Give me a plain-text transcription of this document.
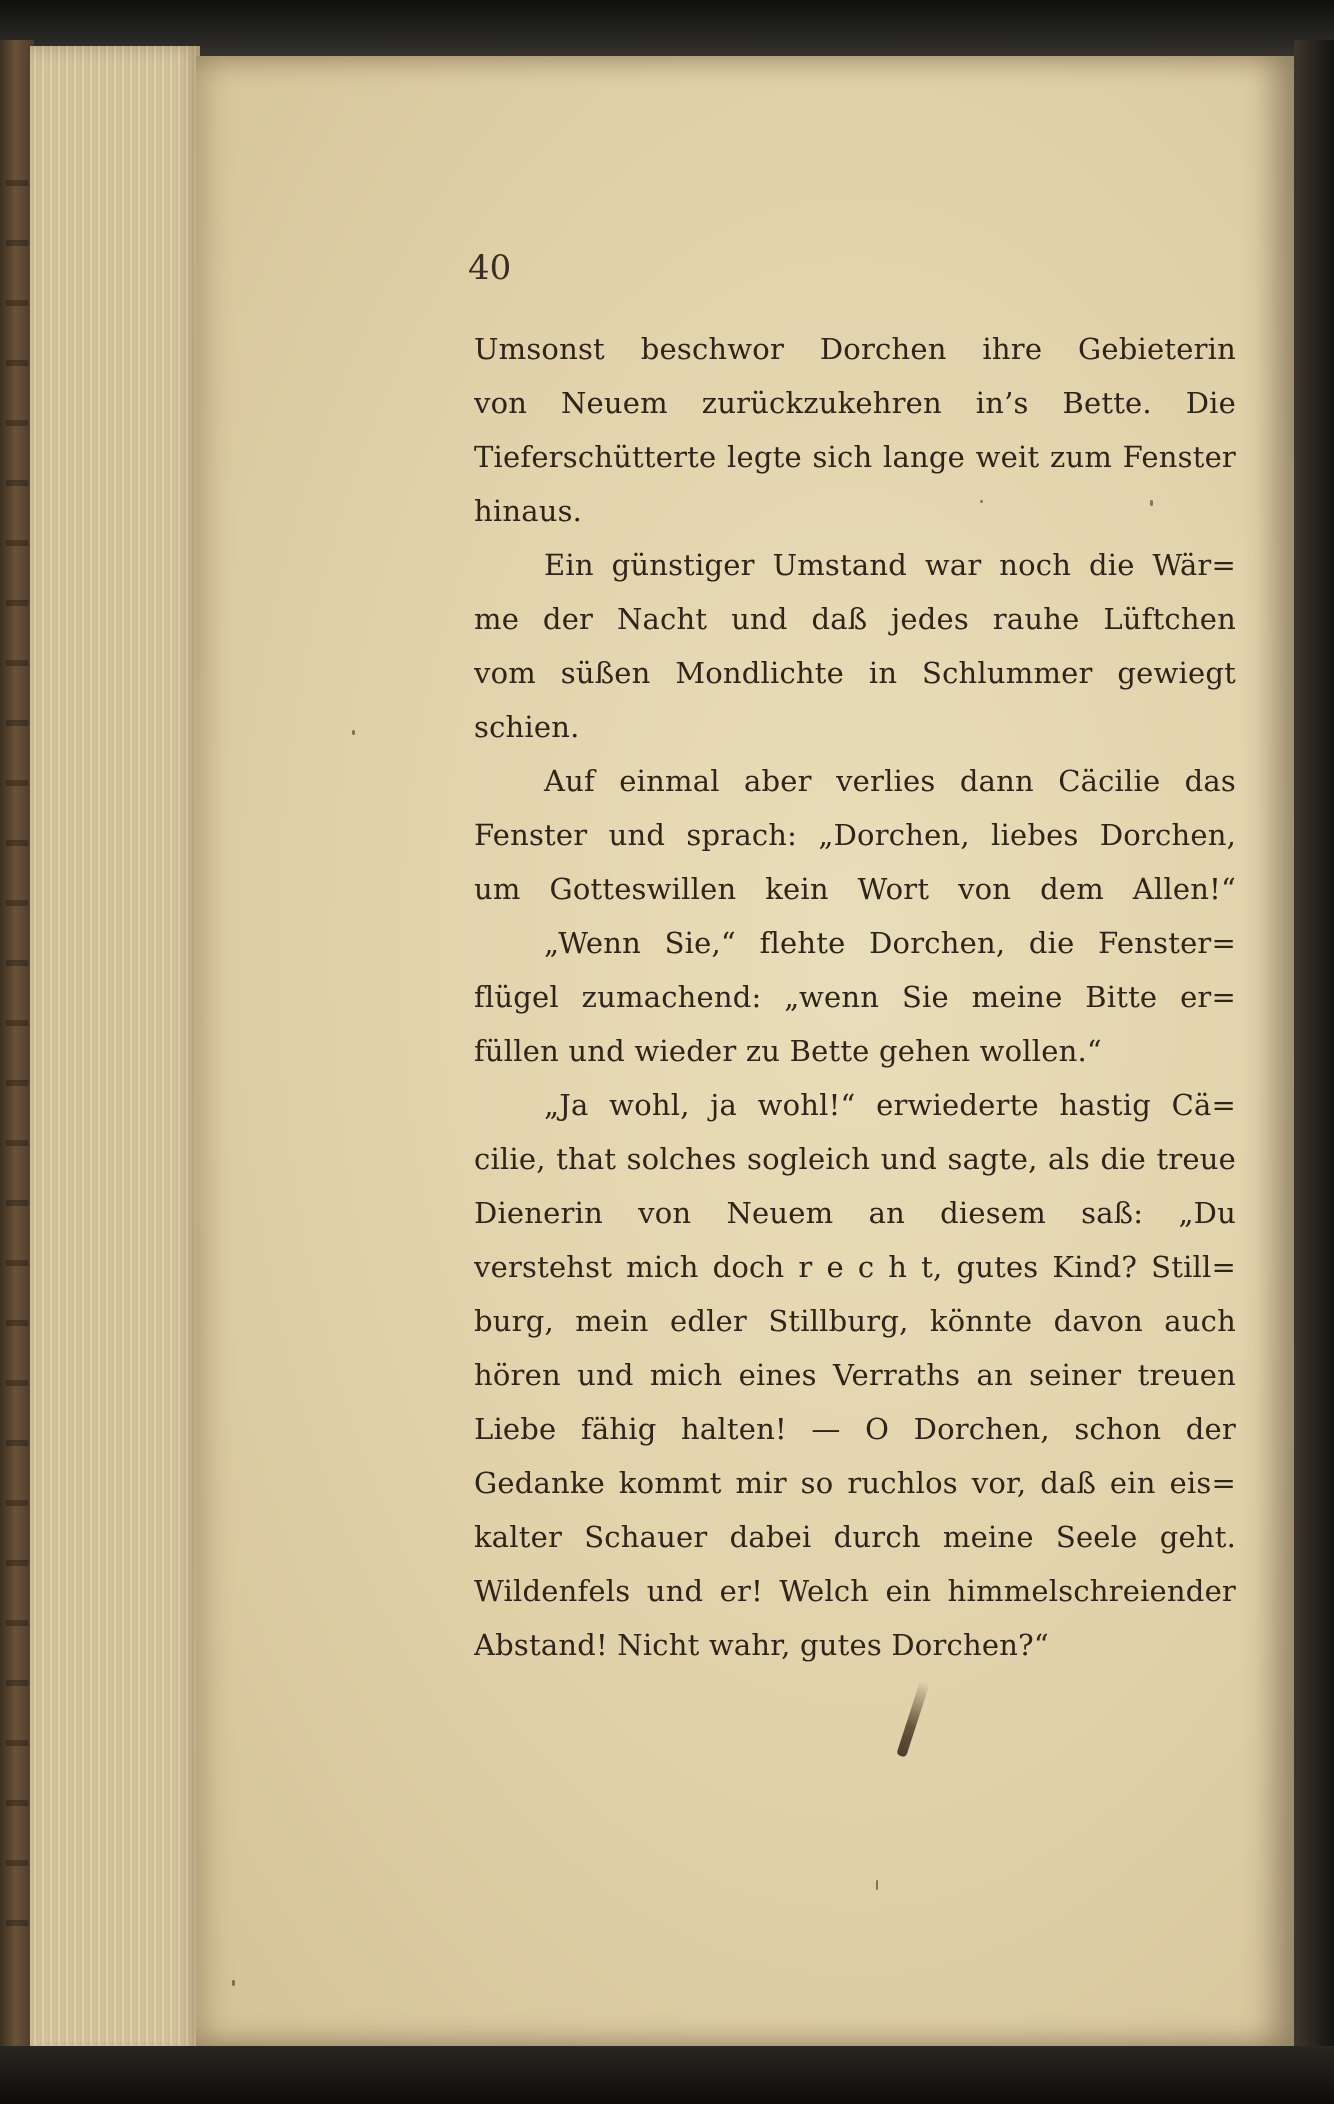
40
Umsonst beschwor Dorchen ihre Gebieterin
von Neuem zurückzukehren in’s Bette. Die
Tieferschütterte legte sich lange weit zum Fenster
hinaus.
Ein günstiger Umstand war noch die Wär=
me der Nacht und daß jedes rauhe Lüftchen
vom süßen Mondlichte in Schlummer gewiegt
schien.
Auf einmal aber verlies dann Cäcilie das
Fenster und sprach: „Dorchen, liebes Dorchen,
um Gotteswillen kein Wort von dem Allen!“
„Wenn Sie,“ flehte Dorchen, die Fenster=
flügel zumachend: „wenn Sie meine Bitte er=
füllen und wieder zu Bette gehen wollen.“
„Ja wohl, ja wohl!“ erwiederte hastig Cä=
cilie, that solches sogleich und sagte, als die treue
Dienerin von Neuem an diesem saß: „Du
verstehst mich doch r e c h t, gutes Kind? Still=
burg, mein edler Stillburg, könnte davon auch
hören und mich eines Verraths an seiner treuen
Liebe fähig halten! — O Dorchen, schon der
Gedanke kommt mir so ruchlos vor, daß ein eis=
kalter Schauer dabei durch meine Seele geht.
Wildenfels und er! Welch ein himmelschreiender
Abstand! Nicht wahr, gutes Dorchen?“
